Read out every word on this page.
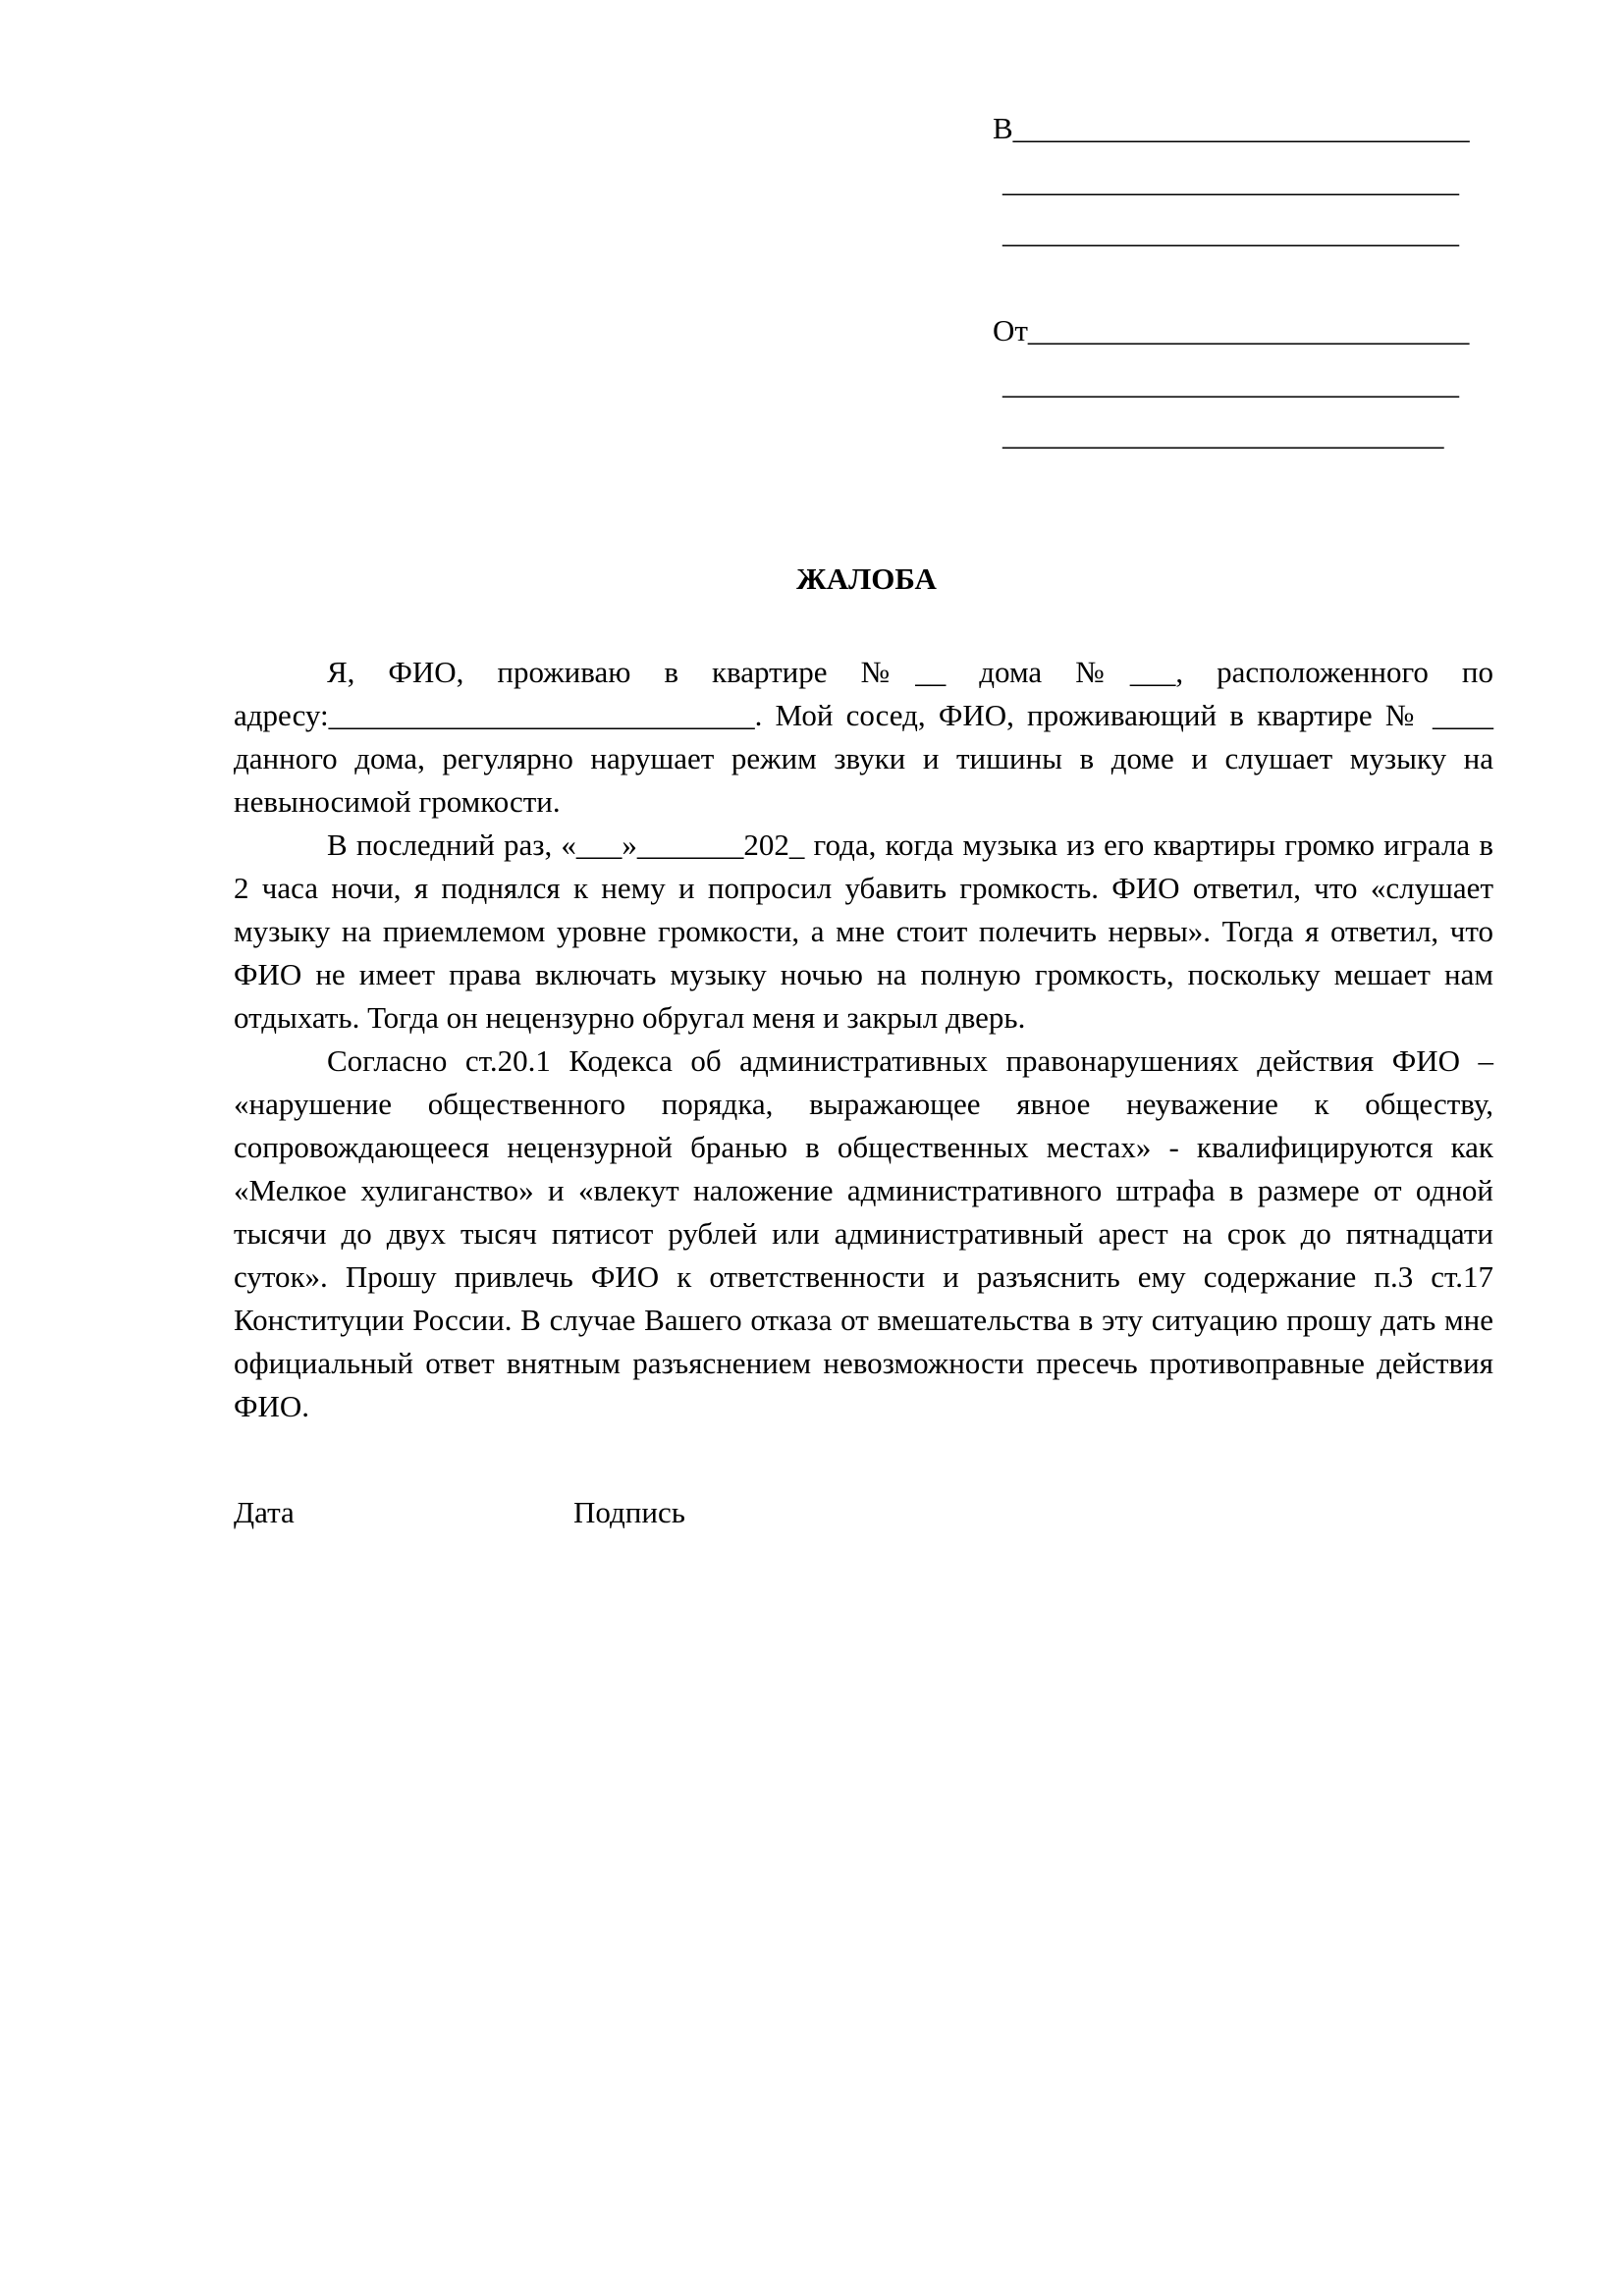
В______________________________
______________________________
______________________________
От_____________________________
______________________________
_____________________________
ЖАЛОБА

Я, ФИО, проживаю в квартире №__ дома №___, расположенного по адресу:____________________________. Мой сосед, ФИО, проживающий в квартире № ____ данного дома, регулярно нарушает режим звуки и тишины в доме и слушает музыку на невыносимой громкости.

В последний раз, «___»_______202_ года, когда музыка из его квартиры громко играла в 2 часа ночи, я поднялся к нему и попросил убавить громкость. ФИО ответил, что «слушает музыку на приемлемом уровне громкости, а мне стоит полечить нервы». Тогда я ответил, что ФИО не имеет права включать музыку ночью на полную громкость, поскольку мешает нам отдыхать. Тогда он нецензурно обругал меня и закрыл дверь.

Согласно ст.20.1 Кодекса об административных правонарушениях действия ФИО – «нарушение общественного порядка, выражающее явное неуважение к обществу, сопровождающееся нецензурной бранью в общественных местах» - квалифицируются как «Мелкое хулиганство» и «влекут наложение административного штрафа в размере от одной тысячи до двух тысяч пятисот рублей или административный арест на срок до пятнадцати суток». Прошу привлечь ФИО к ответственности и разъяснить ему содержание п.3 ст.17 Конституции России. В случае Вашего отказа от вмешательства в эту ситуацию прошу дать мне официальный ответ внятным разъяснением невозможности пресечь противоправные действия ФИО.

Дата	Подпись
